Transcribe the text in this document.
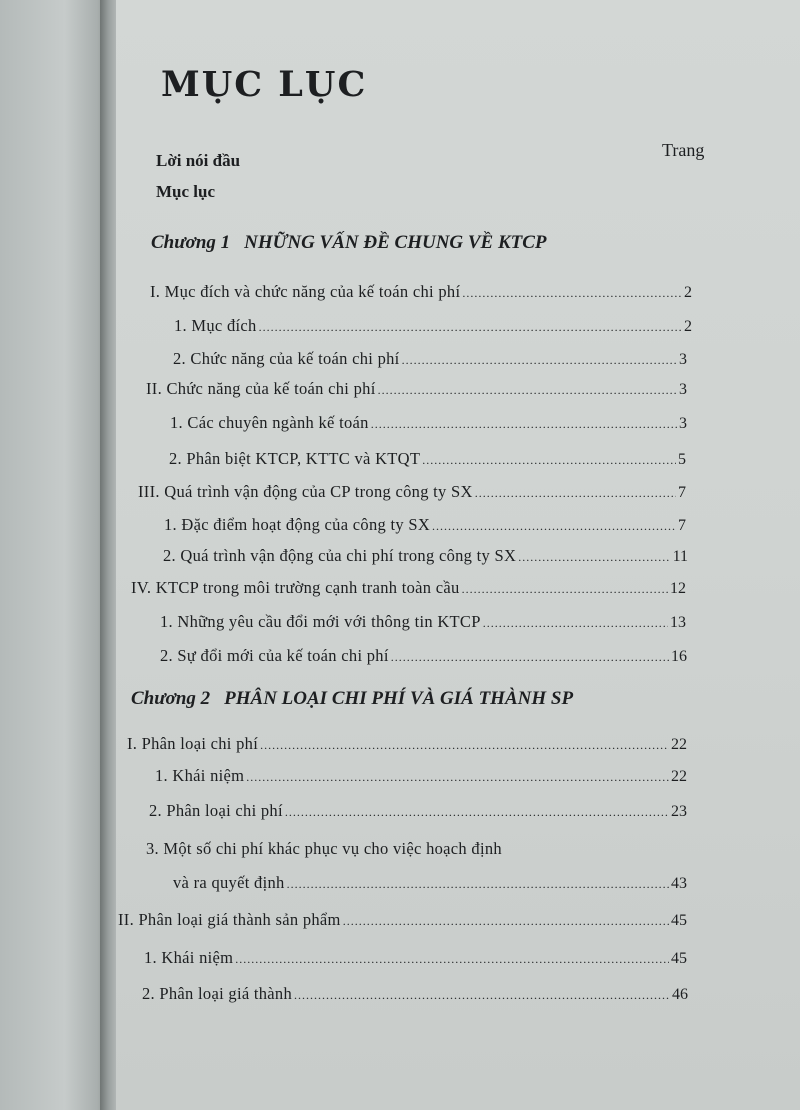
MỤC LỤC
Trang
Lời nói đầu
Mục lục
Chương 1 NHỮNG VẤN ĐỀ CHUNG VỀ KTCP
I. Mục đích và chức năng của kế toán chi phí .....	2
1. Mục đích .....	2
2. Chức năng của kế toán chi phí .....	3
II. Chức năng của kế toán chi phí .....	3
1. Các chuyên ngành kế toán .....	3
2. Phân biệt KTCP, KTTC và KTQT .....	5
III. Quá trình vận động của CP trong công ty SX .....	7
1. Đặc điểm hoạt động của công ty SX .....	7
2. Quá trình vận động của chi phí trong công ty SX .....	11
IV. KTCP trong môi trường cạnh tranh toàn cầu .....	12
1. Những yêu cầu đổi mới với thông tin KTCP .....	13
2. Sự đổi mới của kế toán chi phí .....	16
Chương 2 PHÂN LOẠI CHI PHÍ VÀ GIÁ THÀNH SP
I. Phân loại chi phí .....	22
1. Khái niệm .....	22
2. Phân loại chi phí .....	23
3. Một số chi phí khác phục vụ cho việc hoạch định
và ra quyết định .....	43
II. Phân loại giá thành sản phẩm .....	45
1. Khái niệm .....	45
2. Phân loại giá thành .....	46
